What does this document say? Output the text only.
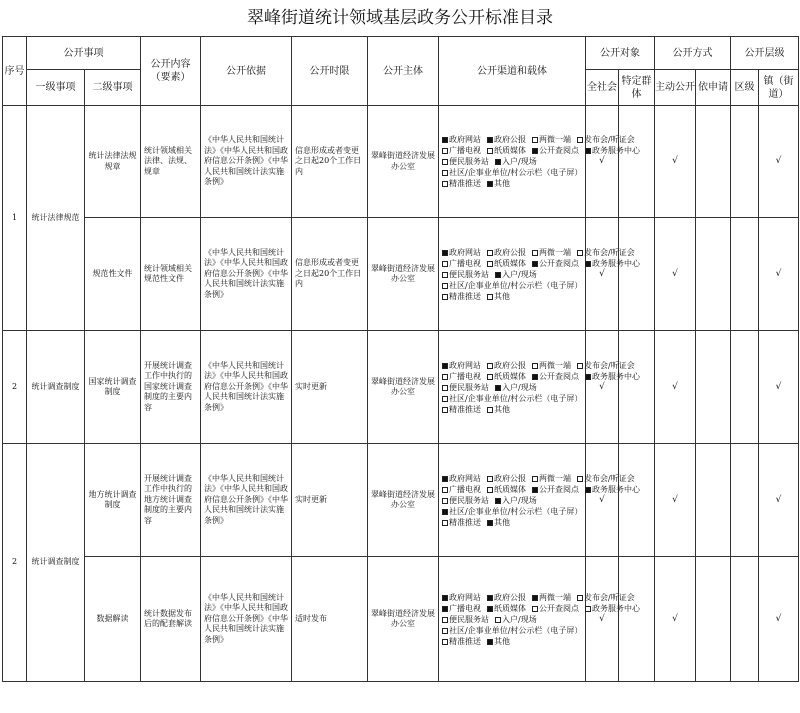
翠峰街道统计领域基层政务公开标准目录
序号	公开事项		公开内容（要素）	公开依据	公开时限	公开主体	公开渠道和载体	公开对象		公开方式		公开层级	
	一级事项	二级事项						全社会	特定群体	主动公开	依申请	区级	镇（街道）
1	统计法律规范	统计法律法规规章	统计领域相关法律、法规、规章	《中华人民共和国统计法》《中华人民共和国政府信息公开条例》《中华人民共和国统计法实施条例》	信息形成或者变更之日起20个工作日内	翠峰街道经济发展办公室	政府网站 政府公报 两微一端 发布会/听证会
广播电视 纸质媒体 公开查阅点 政务服务中心
便民服务站 入户/现场
社区/企事业单位/村公示栏（电子屏）
精准推送 其他	√		√			√
		规范性文件	统计领域相关规范性文件	《中华人民共和国统计法》《中华人民共和国政府信息公开条例》《中华人民共和国统计法实施条例》	信息形成或者变更之日起20个工作日内	翠峰街道经济发展办公室	政府网站 政府公报 两微一端 发布会/听证会
广播电视 纸质媒体 公开查阅点 政务服务中心
便民服务站 入户/现场
社区/企事业单位/村公示栏（电子屏）
精准推送 其他	√		√			√
2	统计调查制度	国家统计调查制度	开展统计调查工作中执行的国家统计调查制度的主要内容	《中华人民共和国统计法》《中华人民共和国政府信息公开条例》《中华人民共和国统计法实施条例》	实时更新	翠峰街道经济发展办公室	政府网站 政府公报 两微一端 发布会/听证会
广播电视 纸质媒体 公开查阅点 政务服务中心
便民服务站 入户/现场
社区/企事业单位/村公示栏（电子屏）
精准推送 其他	√		√			√
2	统计调查制度	地方统计调查制度	开展统计调查工作中执行的地方统计调查制度的主要内容	《中华人民共和国统计法》《中华人民共和国政府信息公开条例》《中华人民共和国统计法实施条例》	实时更新	翠峰街道经济发展办公室	政府网站 政府公报 两微一端 发布会/听证会
广播电视 纸质媒体 公开查阅点 政务服务中心
便民服务站 入户/现场
社区/企事业单位/村公示栏（电子屏）
精准推送 其他	√		√			√
		数据解读	统计数据发布后的配套解读	《中华人民共和国统计法》《中华人民共和国政府信息公开条例》《中华人民共和国统计法实施条例》	适时发布	翠峰街道经济发展办公室	政府网站 政府公报 两微一端 发布会/听证会
广播电视 纸质媒体 公开查阅点 政务服务中心
便民服务站 入户/现场
社区/企事业单位/村公示栏（电子屏）
精准推送 其他	√		√			√
